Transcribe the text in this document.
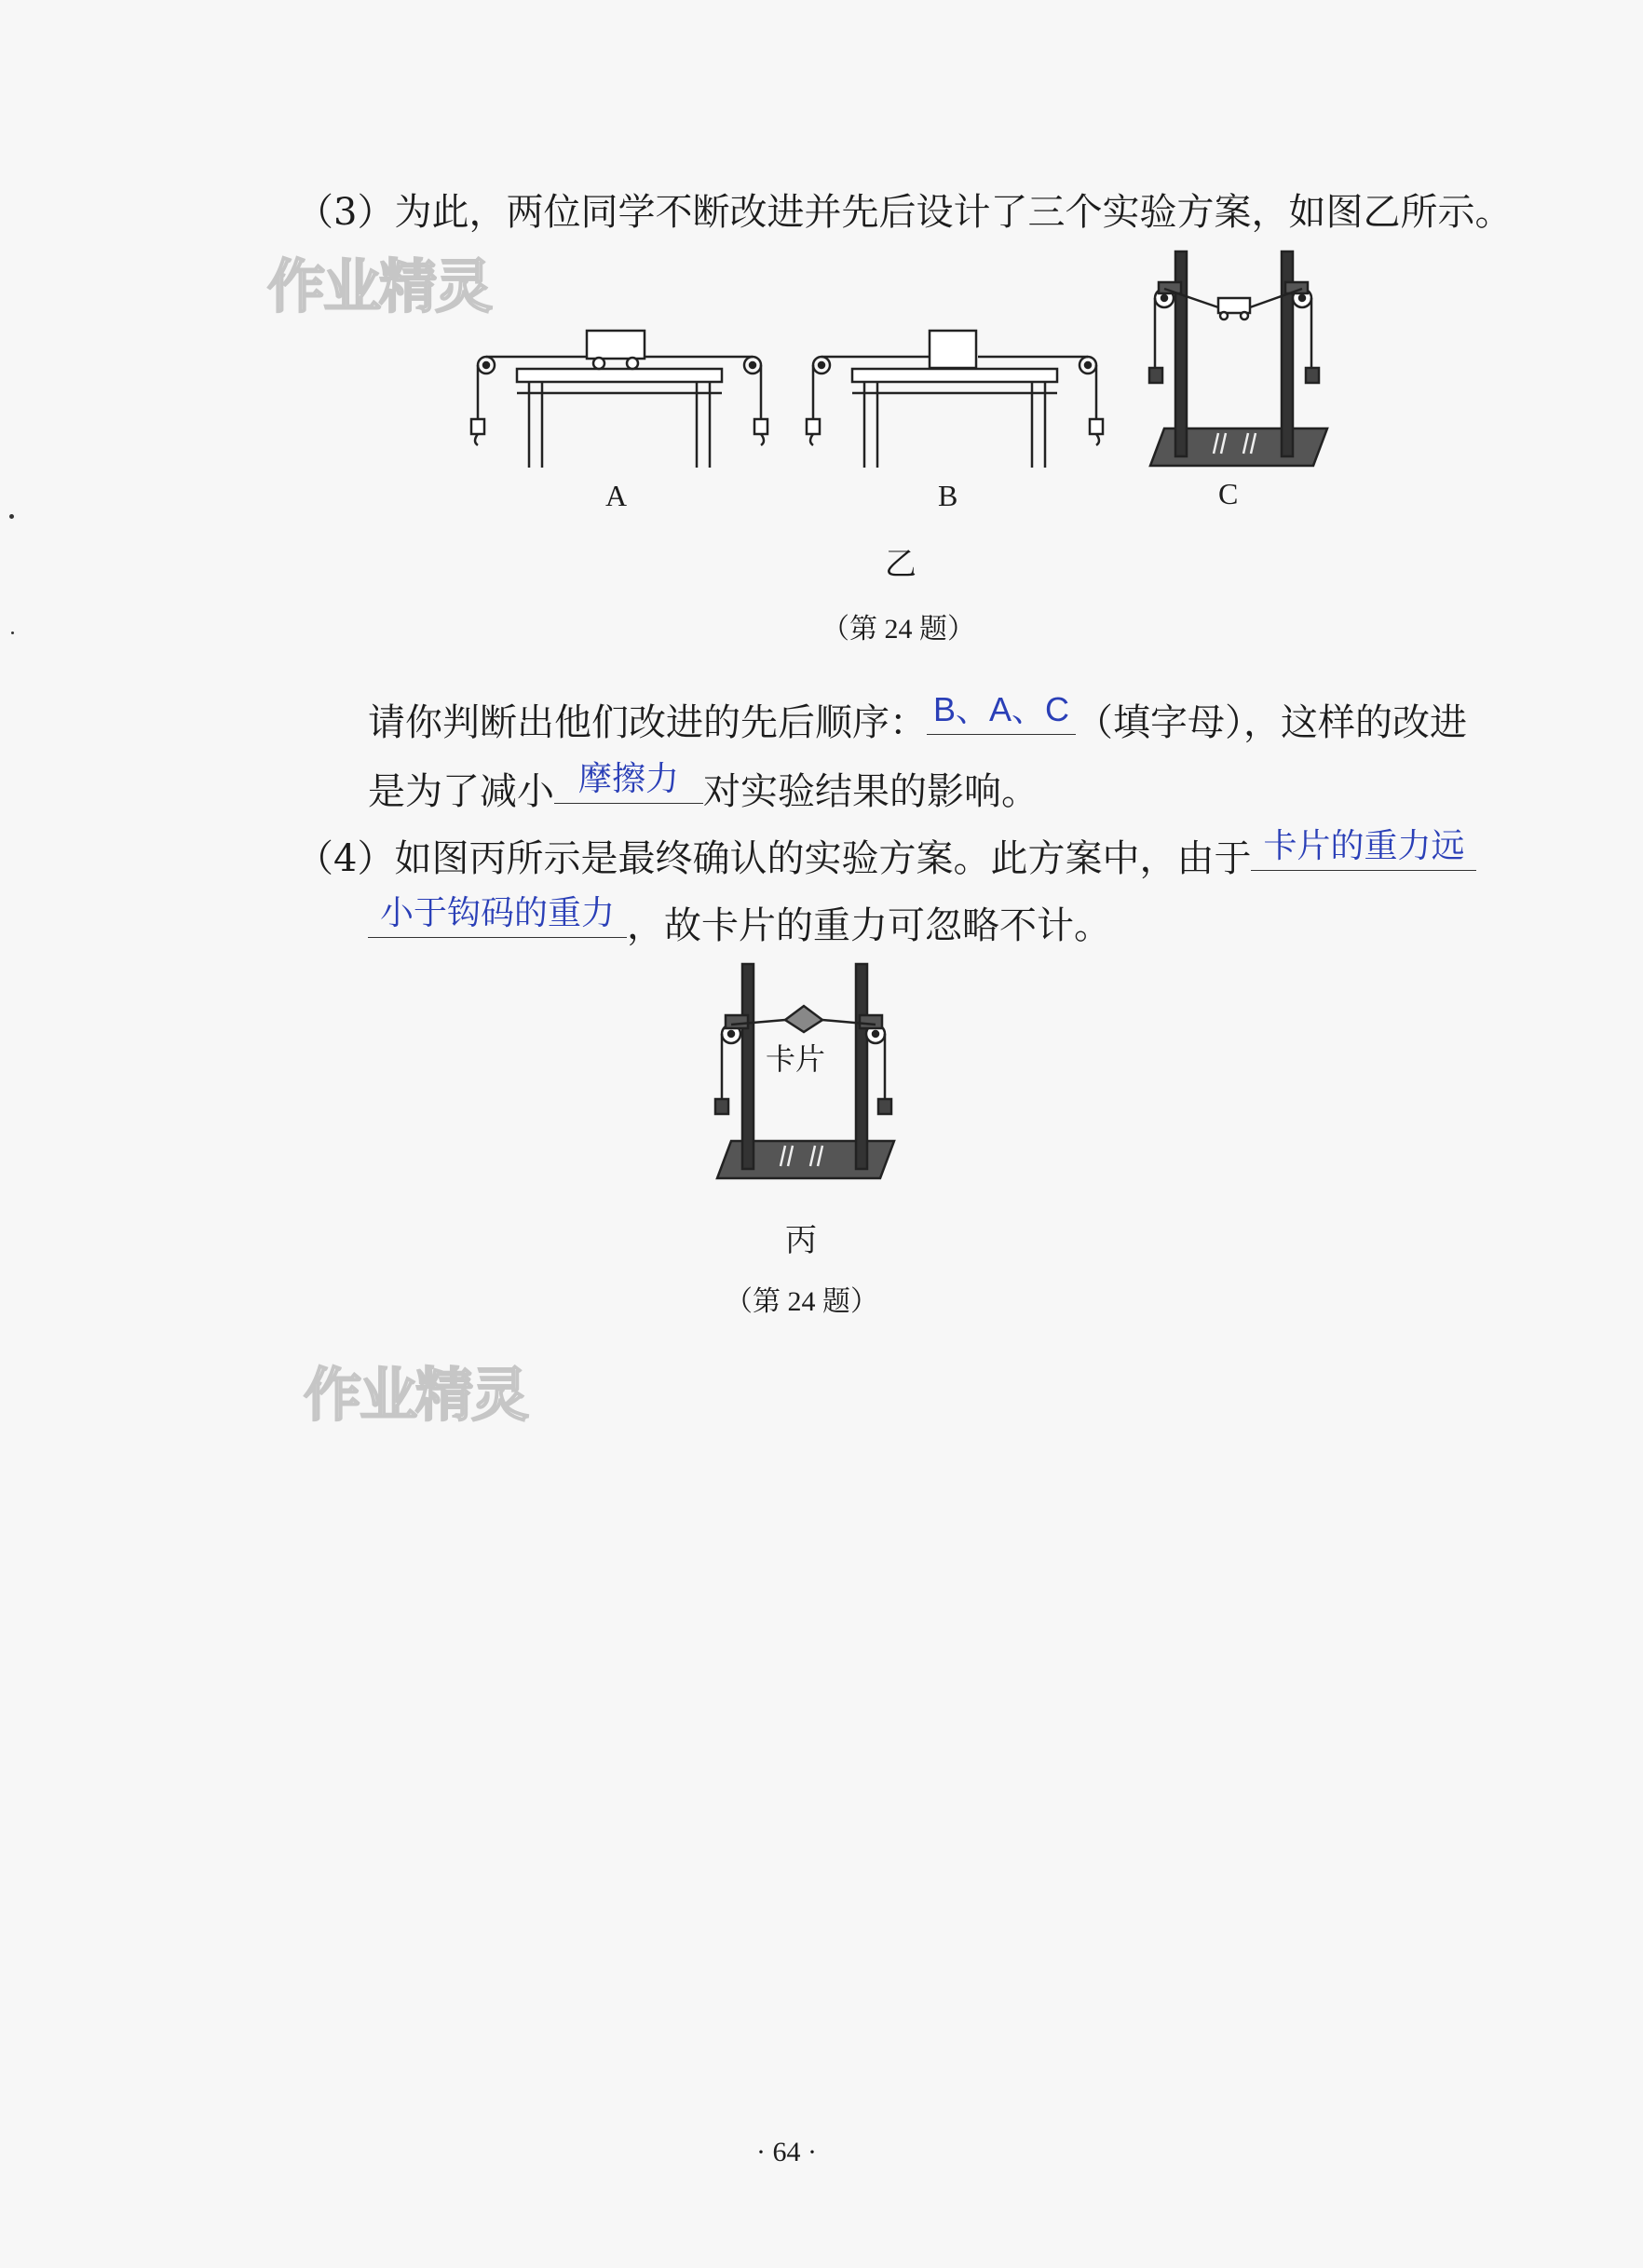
作业精灵
作业精灵
（3）为此，两位同学不断改进并先后设计了三个实验方案，如图乙所示。
A	B	C
乙
（第 24 题）
请你判断出他们改进的先后顺序： B、A、C （填字母），这样的改进
是为了减小 摩擦力 对实验结果的影响。
（4）如图丙所示是最终确认的实验方案。此方案中，由于 卡片的重力远
小于钩码的重力 ，故卡片的重力可忽略不计。
卡片
丙
（第 24 题）
· 64 ·
